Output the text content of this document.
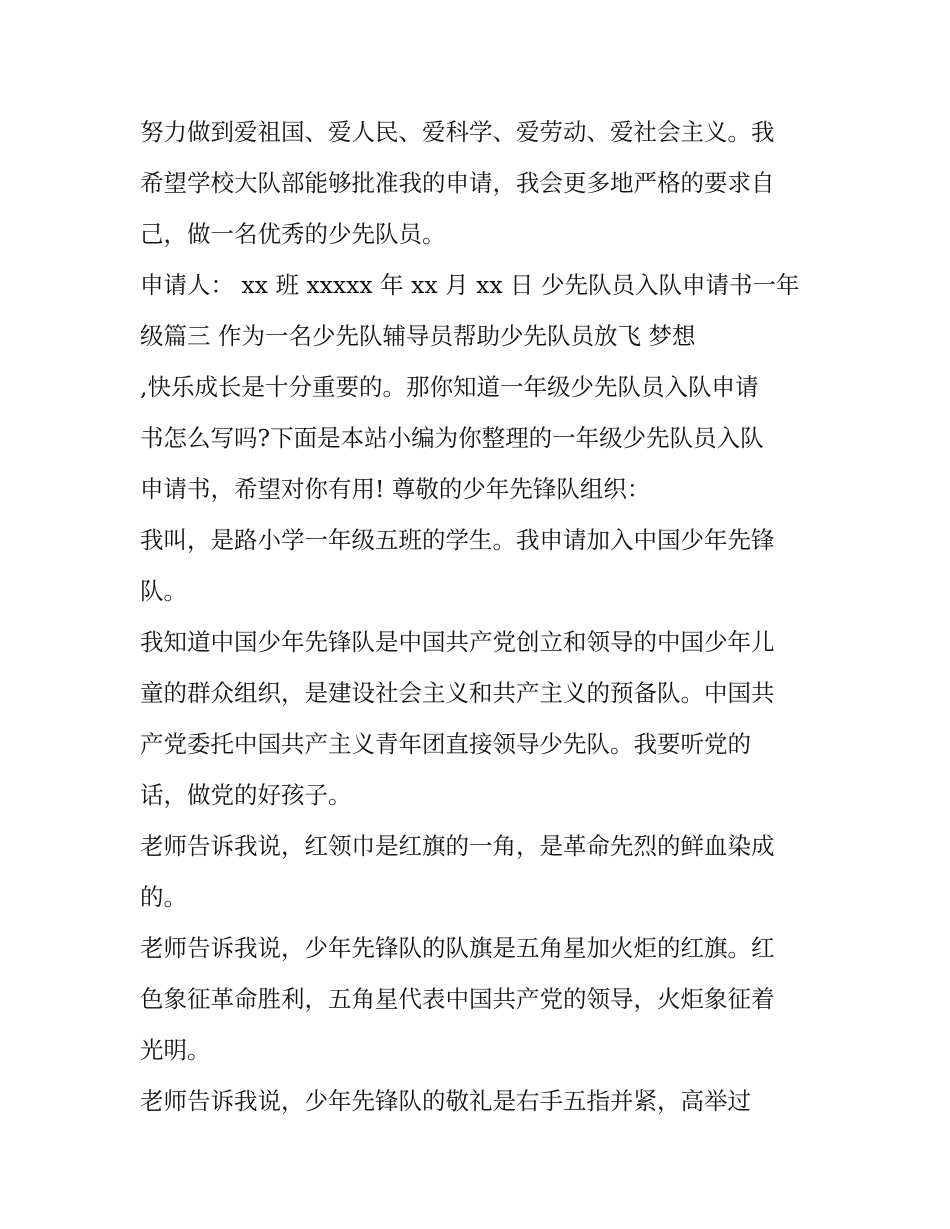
努力做到爱祖国、爱人民、爱科学、爱劳动、爱社会主义。我
希望学校大队部能够批准我的申请，我会更多地严格的要求自
己，做一名优秀的少先队员。
申请人： xx 班 xxxxx 年 xx 月 xx 日 少先队员入队申请书一年
级篇三 作为一名少先队辅导员帮助少先队员放飞 梦想
,快乐成长是十分重要的。那你知道一年级少先队员入队申请
书怎么写吗?下面是本站小编为你整理的一年级少先队员入队
申请书，希望对你有用! 尊敬的少年先锋队组织：
我叫，是路小学一年级五班的学生。我申请加入中国少年先锋
队。
我知道中国少年先锋队是中国共产党创立和领导的中国少年儿
童的群众组织，是建设社会主义和共产主义的预备队。中国共
产党委托中国共产主义青年团直接领导少先队。我要听党的
话，做党的好孩子。
老师告诉我说，红领巾是红旗的一角，是革命先烈的鲜血染成
的。
老师告诉我说，少年先锋队的队旗是五角星加火炬的红旗。红
色象征革命胜利，五角星代表中国共产党的领导，火炬象征着
光明。
老师告诉我说，少年先锋队的敬礼是右手五指并紧，高举过
